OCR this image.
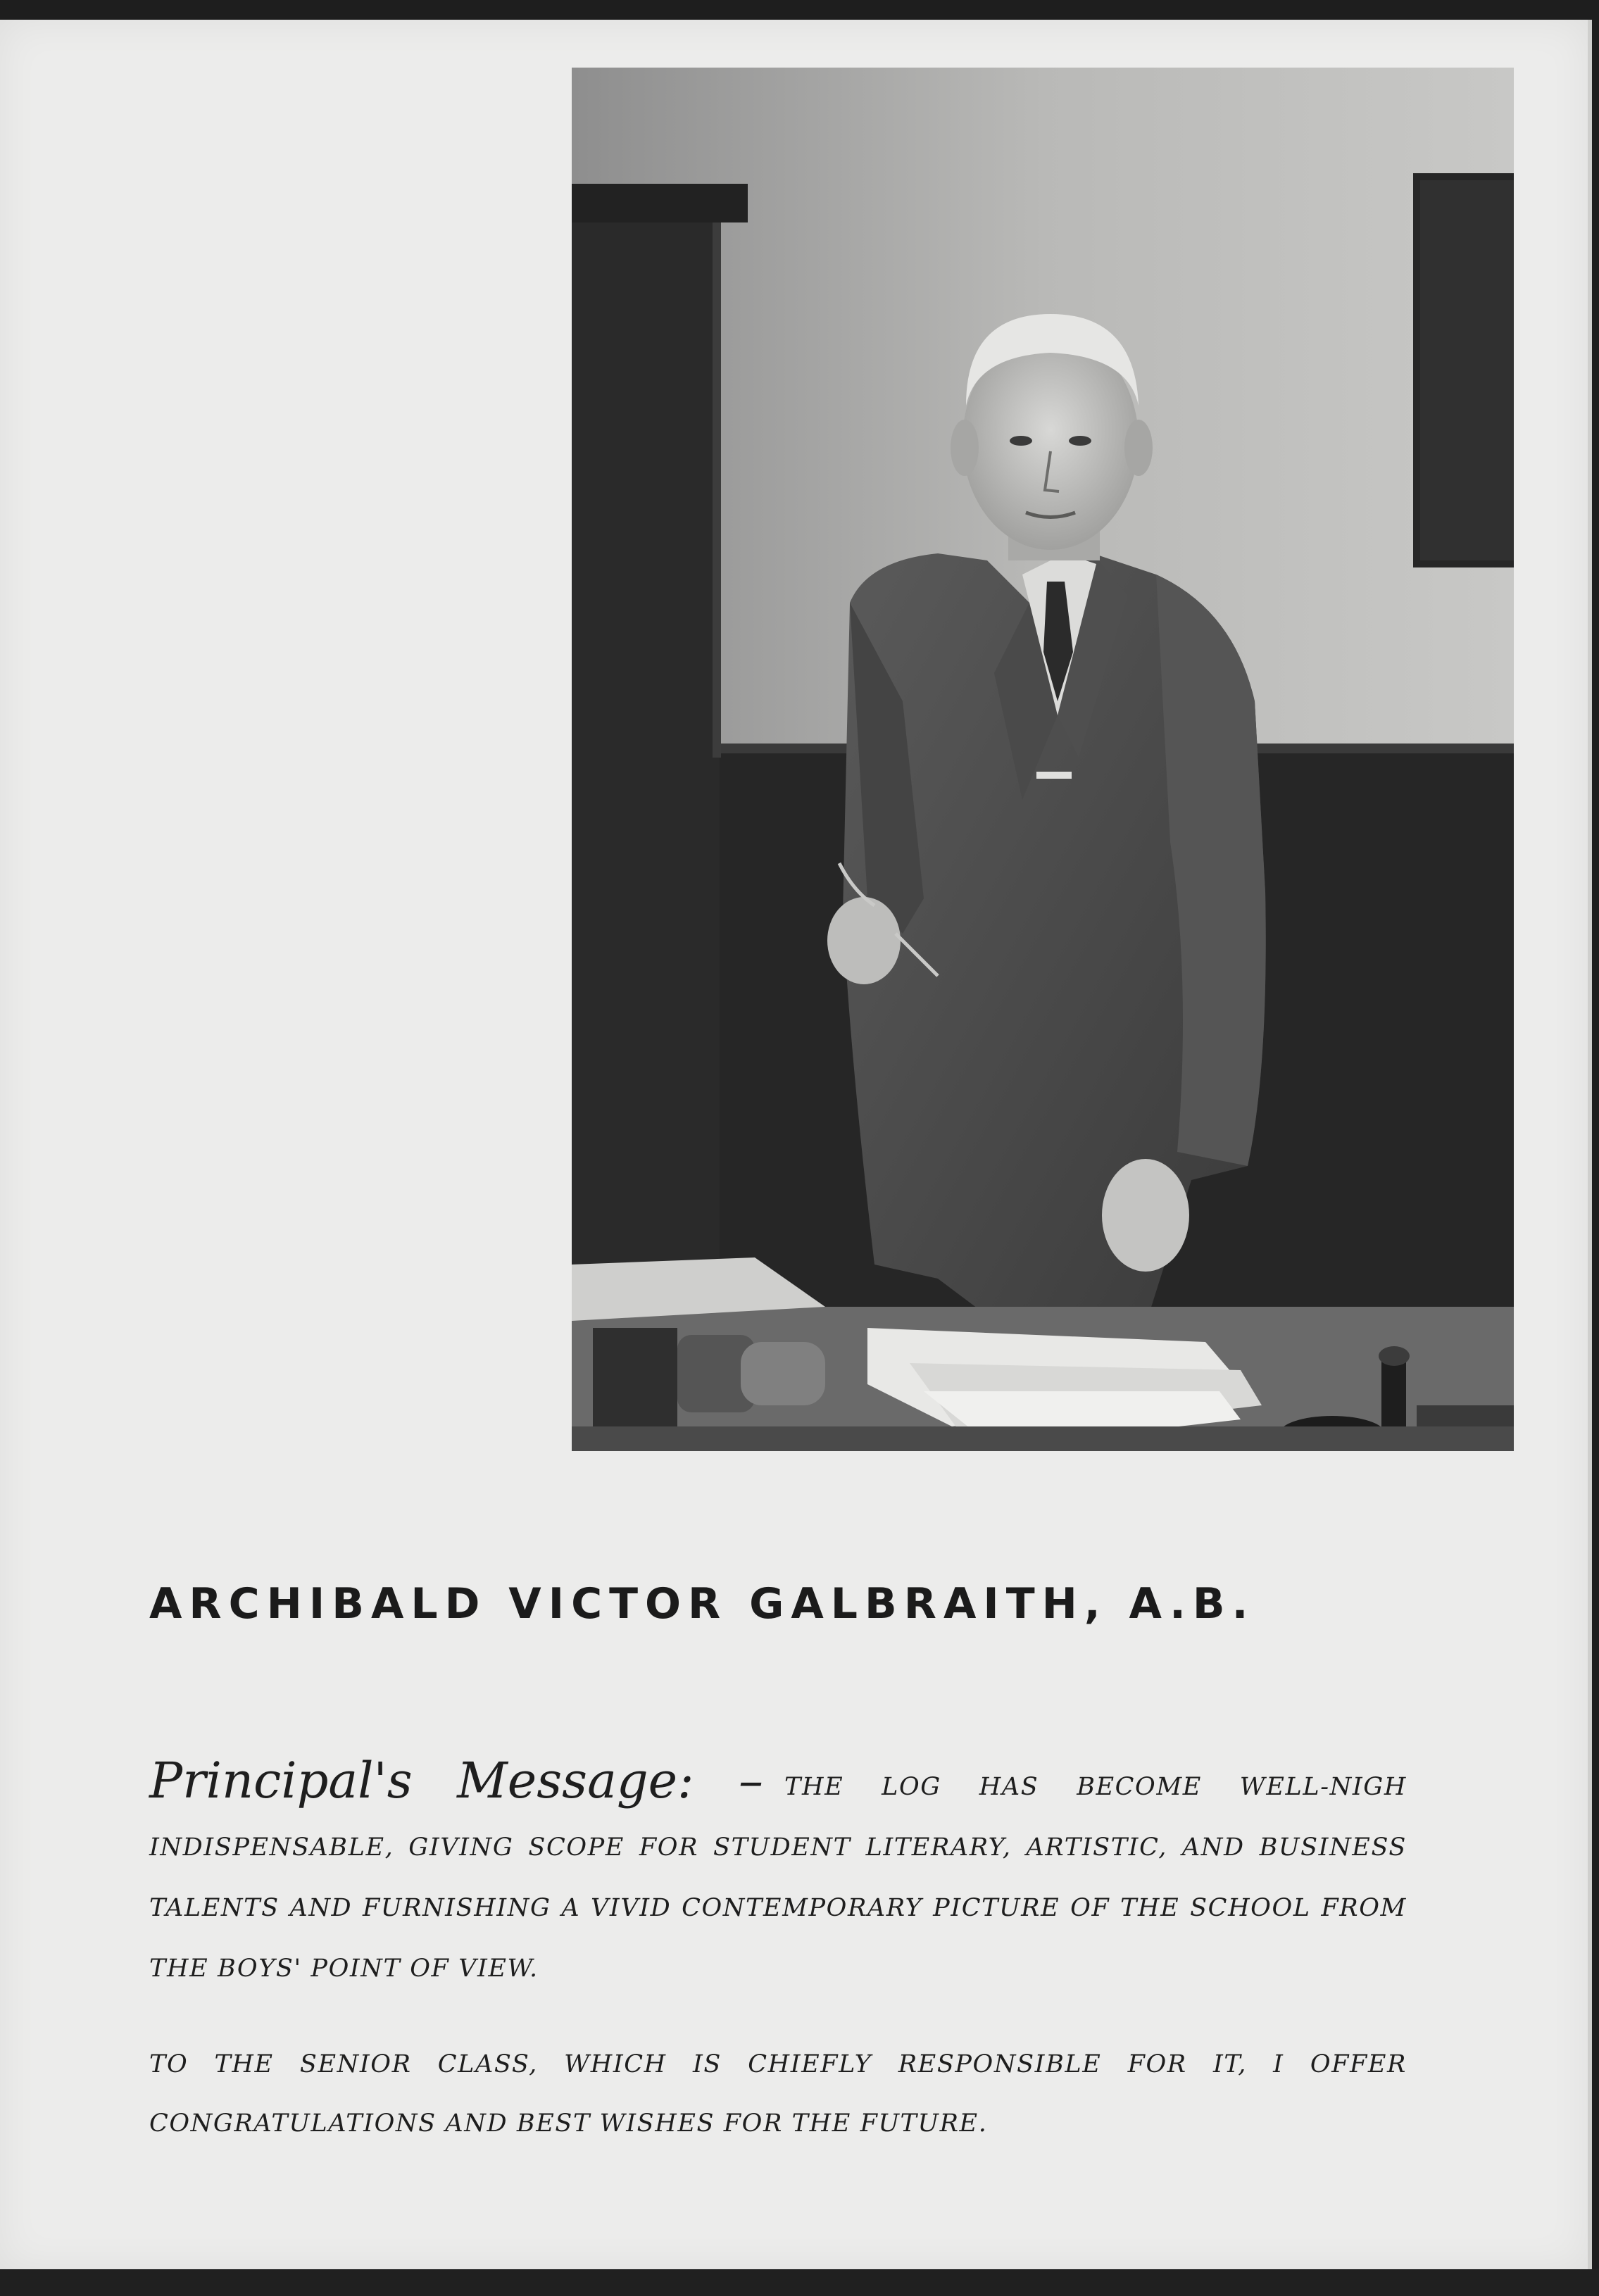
ARCHIBALD VICTOR GALBRAITH, A.B.

Principal's Message: – THE LOG HAS BECOME WELL-NIGH INDISPENSABLE, GIVING SCOPE FOR STUDENT LITERARY, ARTISTIC, AND BUSINESS TALENTS AND FURNISHING A VIVID CONTEMPORARY PICTURE OF THE SCHOOL FROM THE BOYS' POINT OF VIEW.

TO THE SENIOR CLASS, WHICH IS CHIEFLY RESPONSIBLE FOR IT, I OFFER CONGRATULATIONS AND BEST WISHES FOR THE FUTURE.
